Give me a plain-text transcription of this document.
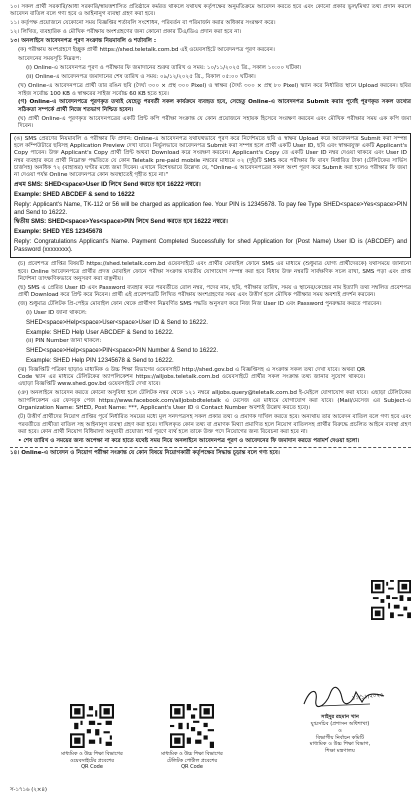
১০। সকল প্রার্থী সরকারি/আধা সরকারি/স্বায়ত্তশাসিত প্রতিষ্ঠানে কর্মরত থাকলে যথাযথ কর্তৃপক্ষের অনুমতিক্রমে আবেদন করতে হবে এবং কোনো প্রকার ভুল/মিথ্যা তথ্য প্রদান করলে আবেদন বাতিল বলে গণ্য হবে ও আইনানুগ ব্যবস্থা গ্রহণ করা হবে।
১১। কর্তৃপক্ষ প্রয়োজনে যেকোনো সময় বিজ্ঞপ্তির শর্তাবলি সংশোধন, পরিবর্তন বা পরিমার্জন করার অধিকার সংরক্ষণ করে।
১২। লিখিত, ব্যবহারিক ও মৌখিক পরীক্ষায় অংশগ্রহণের জন্য কোনো প্রকার টিএ/ডিএ প্রদান করা হবে না।
১৩। অনলাইনে আবেদনপত্র পূরণ সংক্রান্ত নিয়মাবলি ও শর্তাবলি :
(ক) পরীক্ষায় অংশগ্রহণে ইচ্ছুক প্রার্থী https://shed.teletalk.com.bd এই ওয়েবসাইটে আবেদনপত্র পূরণ করবেন।
আবেদনের সময়সূচি নিম্নরূপ:
(i) Online-এ আবেদনপত্র পূরণ ও পরীক্ষার ফি জমাদানের শুরুর তারিখ ও সময়: ১০/১১/২০২৫ খ্রি., সকাল ১০:০০ ঘটিকা।
(ii) Online-এ আবেদনপত্র জমাদানের শেষ তারিখ ও সময়: ০৯/১২/২০২৫ খ্রি., বিকাল ০৫:০০ ঘটিকা।
(খ) Online-এ আবেদনপত্রে প্রার্থী তার রঙিন ছবি (দৈর্ঘ্য ৩০০ × প্রস্থ ৩০০ Pixel) ও স্বাক্ষর (দৈর্ঘ্য ৩০০ × প্রস্থ ৮০ Pixel) স্ক্যান করে নির্ধারিত স্থানে Upload করবেন। ছবির সাইজ সর্বোচ্চ 100 KB ও স্বাক্ষরের সাইজ সর্বোচ্চ 60 KB হতে হবে।
(গ) Online-এ আবেদনপত্রে পূরণকৃত তথ্যই যেহেতু পরবর্তী সকল কার্যক্রমে ব্যবহৃত হবে, সেহেতু Online-এ আবেদনপত্র Submit করার পূর্বেই পূরণকৃত সকল তথ্যের সঠিকতা সম্পর্কে প্রার্থী নিজে শতভাগ নিশ্চিত হবেন।
(ঘ) প্রার্থী Online-এ পূরণকৃত আবেদনপত্রের একটি প্রিন্ট কপি পরীক্ষা সংক্রান্ত যে কোন প্রয়োজনে সহায়ক হিসেবে সংরক্ষণ করবেন এবং মৌখিক পরীক্ষার সময় এক কপি জমা দিবেন।
(ঙ) SMS প্রেরণের নিয়মাবলি ও পরীক্ষার ফি প্রদান: Online-এ আবেদনপত্র যথাযথভাবে পূরণ করে নির্দেশমতে ছবি ও স্বাক্ষর Upload করে আবেদনপত্র Submit করা সম্পন্ন হলে কম্পিউটারে ছবিসহ Application Preview দেখা যাবে। নির্ভুলভাবে আবেদনপত্র Submit করা সম্পন্ন হলে প্রার্থী একটি User ID, ছবি এবং স্বাক্ষরযুক্ত একটি Applicant's Copy পাবেন। উক্ত Applicant's Copy প্রার্থী প্রিন্ট অথবা Download করে সংরক্ষণ করবেন। Applicant's Copy তে একটি User ID নম্বর দেওয়া থাকবে এবং User ID নম্বর ব্যবহার করে প্রার্থী নিম্নোক্ত পদ্ধতিতে যে কোন Teletalk pre-paid mobile নম্বরের মাধ্যমে ০২ (দুই)টি SMS করে পরীক্ষার ফি বাবদ নির্ধারিত টাকা (টেলিটকের সার্ভিস চার্জসহ) অনধিক ৭২ (বাহাত্তর) ঘণ্টার মধ্যে জমা দিবেন। এখানে বিশেষভাবে উল্লেখ্য যে, "Online-এ আবেদনপত্রের সকল অংশ পূরণ করে Submit করা হলেও পরীক্ষার ফি জমা না দেওয়া পর্যন্ত Online আবেদনপত্র কোন অবস্থাতেই গৃহীত হবে না।"
প্রথম SMS: SHED<space>User ID লিখে Send করতে হবে 16222 নম্বরে।
Example: SHED ABCDEF & send to 16222
Reply: Applicant's Name, TK-112 or 56 will be charged as application fee. Your PIN is 12345678. To pay fee Type SHED<space>Yes<space>PIN and Send to 16222.
দ্বিতীয় SMS: SHED<space>Yes<space>PIN লিখে Send করতে হবে 16222 নম্বরে।
Example: SHED YES 12345678
Reply: Congratulations Applicant's Name. Payment Completed Successfully for shed Application for (Post Name) User ID is (ABCDEF) and Password (xxxxxxxx).
(চ) প্রবেশপত্র প্রাপ্তির বিষয়টি https://shed.teletalk.com.bd ওয়েবসাইটে এবং প্রার্থীর মোবাইল ফোনে SMS এর মাধ্যমে (শুধুমাত্র যোগ্য প্রার্থীদেরকে) যথাসময়ে জানানো হবে। Online আবেদনপত্রে প্রার্থীর প্রদত্ত মোবাইল ফোনে পরীক্ষা সংক্রান্ত যাবতীয় যোগাযোগ সম্পন্ন করা হবে বিধায় উক্ত নম্বরটি সার্বক্ষণিক সচল রাখা, SMS পড়া এবং প্রাপ্ত নির্দেশনা তাৎক্ষণিকভাবে অনুসরণ করা বাঞ্ছনীয়।
(ছ) SMS এ প্রেরিত User ID এবং Password ব্যবহার করে পরবর্তীতে রোল নম্বর, পদের নাম, ছবি, পরীক্ষার তারিখ, সময় ও স্থানের/কেন্দ্রের নাম ইত্যাদি তথ্য সম্বলিত প্রবেশপত্র প্রার্থী Download করে প্রিন্ট করে নিবেন। প্রার্থী এই প্রবেশপত্রটি লিখিত পরীক্ষায় অংশগ্রহণের সময় এবং উত্তীর্ণ হলে মৌখিক পরীক্ষার সময় অবশ্যই প্রদর্শন করবেন।
(জ) শুধুমাত্র টেলিটক প্রি-পেইড মোবাইল ফোন থেকে প্রার্থীগণ নিম্নবর্ণিত SMS পদ্ধতি অনুসরণ করে নিজ নিজ User ID এবং Password পুনরুদ্ধার করতে পারবেন।
(i) User ID জানা থাকলে:
SHED<space>Help<space>User<space>User ID & Send to 16222.
Example: SHED Help User ABCDEF & Send to 16222.
(ii) PIN Number জানা থাকলে:
SHED<space>Help<space>PIN<space>PIN Number & Send to 16222.
Example: SHED Help PIN 12345678 & Send to 16222.
(ঝ) বিজ্ঞপ্তিটি পত্রিকা ছাড়াও মাধ্যমিক ও উচ্চ শিক্ষা বিভাগের ওয়েবসাইট http://shed.gov.bd এ বিজ্ঞপ্তিসহ এ সংক্রান্ত সকল তথ্য দেখা যাবে। অথবা QR Code স্ক্যান এর মাধ্যমে টেলিটকের অ্যাপলিকেশন https://alljobs.teletalk.com.bd ওয়েবসাইটে প্রার্থীর সকল সংক্রান্ত তথ্য জানার সুযোগ থাকবে। এছাড়া বিজ্ঞপ্তিটি www.shed.gov.bd ওয়েবসাইটে দেখা যাবে।
(ঞ) অনলাইনে আবেদন করতে কোনো অসুবিধা হলে টেলিটক নম্বর থেকে ১২১ নম্বরে alljobs.query@teletalk.com.bd ই-মেইলে যোগাযোগ করা যাবে। এছাড়া টেলিটকের অ্যাপলিকেশন এর ফেসবুক পেজ https://www.facebook.com/alljobsbdteletalk এ মেসেজ এর মাধ্যমে যোগাযোগ করা যাবে। (Mail/মেসেজ এর Subject-এ Organization Name: SHED, Post Name: ***, Applicant's User ID ও Contact Number অবশ্যই উল্লেখ করতে হবে)।
(ট) উত্তীর্ণ প্রার্থীদের নিয়োগ প্রাপ্তির পূর্বে নির্ধারিত সময়ের মধ্যে মূল সনদপত্রসহ সকল প্রকার তথ্য ও প্রমাণক দাখিল করতে হবে। অন্যথায় তার আবেদন বাতিল বলে গণ্য হবে এবং পরবর্তীতে প্রার্থীতা বাতিল সহ আইনানুগ ব্যবস্থা গ্রহণ করা হবে। দাখিলকৃত কোন তথ্য বা প্রমাণক মিথ্যা প্রমাণিত হলে নিয়োগ বাতিলসহ প্রার্থীর বিরুদ্ধে প্রচলিত আইনে ব্যবস্থা গ্রহণ করা হবে। কোন প্রার্থী নিয়োগ বিধিমালা অনুযায়ী প্রযোজ্য শর্ত পূরণে ব্যর্থ হলে তাকে উক্ত পদে নিয়োগের জন্য বিবেচনা করা হবে না।
• শেষ তারিখ ও সময়ের জন্য অপেক্ষা না করে হাতে যথেষ্ট সময় নিয়ে অনলাইনে আবেদনপত্র পূরণ ও আবেদনের ফি জমাদান করতে পরামর্শ দেওয়া হলো।
১৪। Online-এ আবেদন ও নিয়োগ পরীক্ষা সংক্রান্ত যে কোন বিষয়ে নিয়োগকারী কর্তৃপক্ষের সিদ্ধান্ত চূড়ান্ত বলে গণ্য হবে।
মাধ্যমিক ও উচ্চ শিক্ষা বিভাগের
ওয়েবসাইটের প্রবেশের
QR Code
মাধ্যমিক ও উচ্চ শিক্ষা বিভাগের
টেলিটক পোর্টাল প্রবেশের
QR Code
১১/১১/২০২৫
সাইদুর রহমান খান
যুগ্মসচিব (প্রশাসন অধিশাখা)
ও
বিভাগীয় নির্বাচন কমিটি
মাধ্যমিক ও উচ্চ শিক্ষা বিভাগ,
শিক্ষা মন্ত্রণালয়
স-১৭১৬ (২×৪)
